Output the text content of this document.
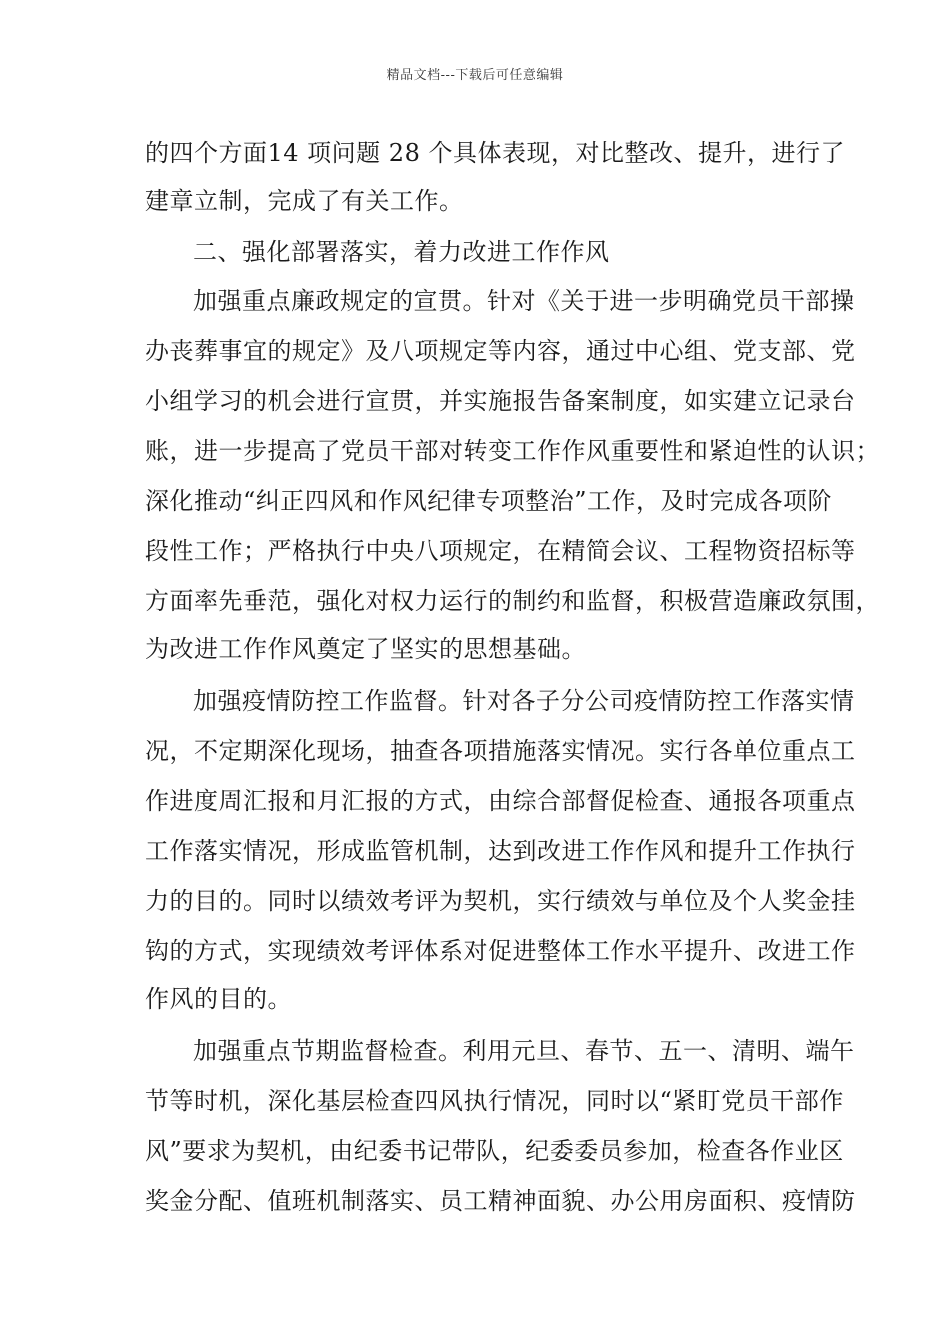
精品文档---下载后可任意编辑
的四个方面14 项问题 28 个具体表现，对比整改、提升，进行了
建章立制，完成了有关工作。
二、强化部署落实，着力改进工作作风
加强重点廉政规定的宣贯。针对《关于进一步明确党员干部操
办丧葬事宜的规定》及八项规定等内容，通过中心组、党支部、党
小组学习的机会进行宣贯，并实施报告备案制度，如实建立记录台
账，进一步提高了党员干部对转变工作作风重要性和紧迫性的认识；
深化推动“纠正四风和作风纪律专项整治”工作，及时完成各项阶
段性工作；严格执行中央八项规定，在精简会议、工程物资招标等
方面率先垂范，强化对权力运行的制约和监督，积极营造廉政氛围，
为改进工作作风奠定了坚实的思想基础。
加强疫情防控工作监督。针对各子分公司疫情防控工作落实情
况，不定期深化现场，抽查各项措施落实情况。实行各单位重点工
作进度周汇报和月汇报的方式，由综合部督促检查、通报各项重点
工作落实情况，形成监管机制，达到改进工作作风和提升工作执行
力的目的。同时以绩效考评为契机，实行绩效与单位及个人奖金挂
钩的方式，实现绩效考评体系对促进整体工作水平提升、改进工作
作风的目的。
加强重点节期监督检查。利用元旦、春节、五一、清明、端午
节等时机，深化基层检查四风执行情况，同时以“紧盯党员干部作
风”要求为契机，由纪委书记带队，纪委委员参加，检查各作业区
奖金分配、值班机制落实、员工精神面貌、办公用房面积、疫情防
